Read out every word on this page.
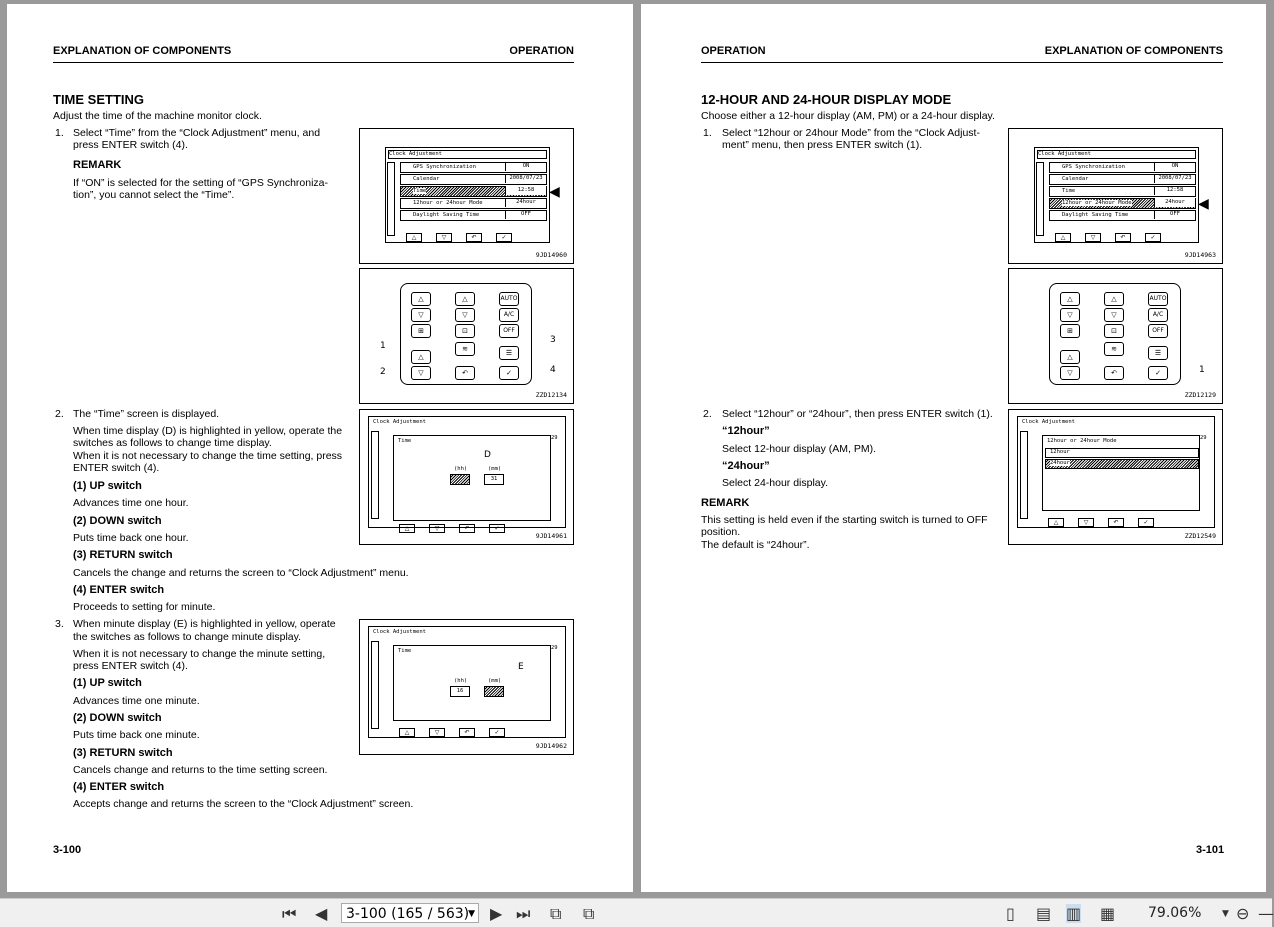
EXPLANATION OF COMPONENTS	OPERATION
TIME SETTING
Adjust the time of the machine monitor clock.
1. Select “Time” from the “Clock Adjustment” menu, and
press ENTER switch (4).
REMARK
If “ON” is selected for the setting of “GPS Synchroniza-
tion”, you cannot select the “Time”.
Clock Adjustment
GPS Synchronization	ON
Calendar	2008/07/23
Time	12:58
12hour or 24hour Mode	24hour
Daylight Saving Time	OFF
△	▽	↶	✓
◀
9JD14960
△
▽
⊞
△
▽
△
▽
⊡
≋
↶
AUTO
A/C
OFF
☰
✓
1
2
3
4
ZZD12134
2. The “Time” screen is displayed.
When time display (D) is highlighted in yellow, operate the
switches as follows to change time display.
When it is not necessary to change the time setting, press
ENTER switch (4).
(1) UP switch
Advances time one hour.
(2) DOWN switch
Puts time back one hour.
(3) RETURN switch
Cancels the change and returns the screen to “Clock Adjustment” menu.
(4) ENTER switch
Proceeds to setting for minute.
Clock Adjustment
Time
(hh)	(mm)
31
D
29
△	▽	↶	✓
9JD14961
3. When minute display (E) is highlighted in yellow, operate
the switches as follows to change minute display.
When it is not necessary to change the minute setting,
press ENTER switch (4).
(1) UP switch
Advances time one minute.
(2) DOWN switch
Puts time back one minute.
(3) RETURN switch
Cancels change and returns to the time setting screen.
(4) ENTER switch
Accepts change and returns the screen to the “Clock Adjustment” screen.
Clock Adjustment
Time
(hh)	(mm)
16
E
29
△	▽	↶	✓
9JD14962
3-100
OPERATION	EXPLANATION OF COMPONENTS
12-HOUR AND 24-HOUR DISPLAY MODE
Choose either a 12-hour display (AM, PM) or a 24-hour display.
1. Select “12hour or 24hour Mode” from the “Clock Adjust-
ment” menu, then press ENTER switch (1).
Clock Adjustment
GPS Synchronization	ON
Calendar	2008/07/23
Time	12:58
12hour or 24hour Mode	24hour
Daylight Saving Time	OFF
△	▽	↶	✓
◀
9JD14963
△
▽
⊞
△
▽
△
▽
⊡
≋
↶
AUTO
A/C
OFF
☰
✓	1
ZZD12129
2. Select “12hour” or “24hour”, then press ENTER switch (1).
“12hour”
Select 12-hour display (AM, PM).
“24hour”
Select 24-hour display.
REMARK
This setting is held even if the starting switch is turned to OFF
position.
The default is “24hour”.
Clock Adjustment
12hour or 24hour Mode
12hour
24hour
29
△	▽	↶	✓
ZZD12549
3-101
⏮ ◀	3-100 (165 / 563)
▼ ▶ ⏭ ⧉ ⧉	▯ ▤ ▥ ▦ 79.06% ▼ ⊖ —
